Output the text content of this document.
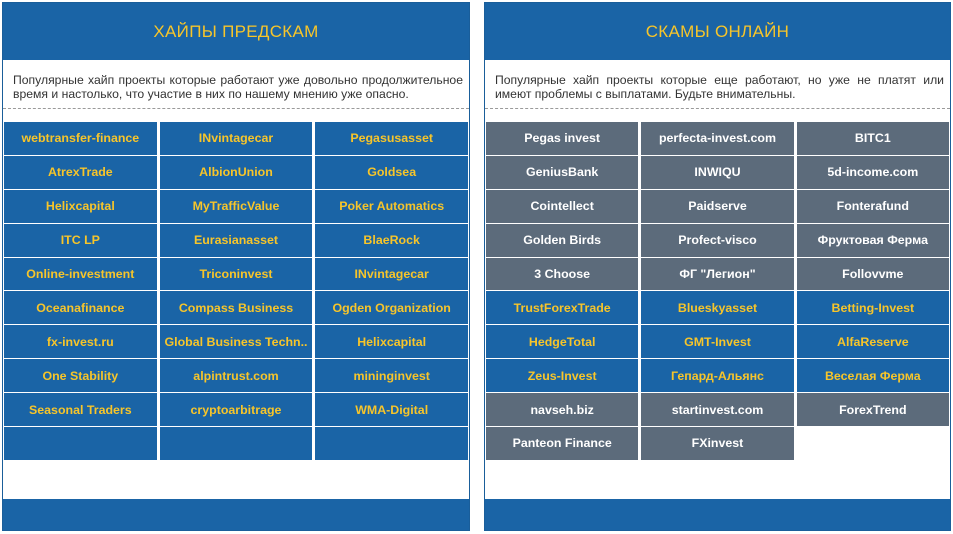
ХАЙПЫ ПРЕДСКАМ
Популярные хайп проекты которые работают уже довольно продолжительное время и настолько, что участие в них по нашему мнению уже опасно.
webtransfer-finance	INvintagecar	Pegasusasset
AtrexTrade	AlbionUnion	Goldsea
Helixcapital	MyTrafficValue	Poker Automatics
ITC LP	Eurasianasset	BlaeRock
Online-investment	Triconinvest	INvintagecar
Oceanafinance	Compass Business	Ogden Organization
fx-invest.ru	Global Business Techn..	Helixcapital
One Stability	alpintrust.com	mininginvest
Seasonal Traders	cryptoarbitrage	WMA-Digital
СКАМЫ ОНЛАЙН
Популярные хайп проекты которые еще работают, но уже не платят или имеют проблемы с выплатами. Будьте внимательны.
Pegas invest	perfecta-invest.com	BITC1
GeniusBank	INWIQU	5d-income.com
Cointellect	Paidserve	Fonterafund
Golden Birds	Profect-visco	Фруктовая Ферма
3 Choose	ФГ "Легион"	Follovvme
TrustForexTrade	Blueskyasset	Betting-Invest
HedgeTotal	GMT-Invest	AlfaReserve
Zeus-Invest	Гепард-Альянс	Веселая Ферма
navseh.biz	startinvest.com	ForexTrend
Panteon Finance	FXinvest
